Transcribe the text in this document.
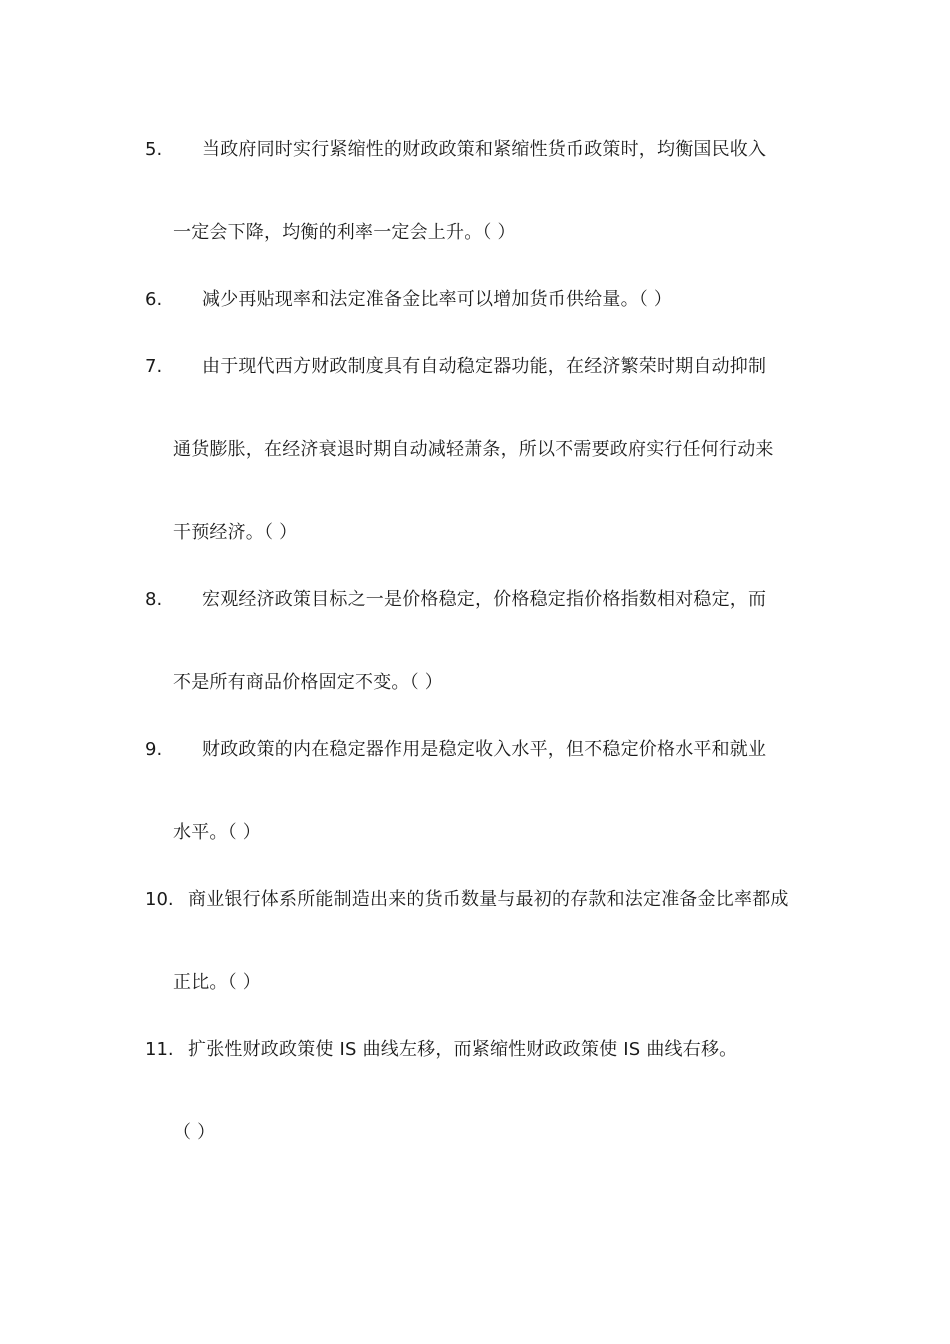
5. 当政府同时实行紧缩性的财政政策和紧缩性货币政策时，均衡国民收入
一定会下降，均衡的利率一定会上升。（ ）
6. 减少再贴现率和法定准备金比率可以增加货币供给量。（ ）
7. 由于现代西方财政制度具有自动稳定器功能，在经济繁荣时期自动抑制
通货膨胀，在经济衰退时期自动减轻萧条，所以不需要政府实行任何行动来
干预经济。（ ）
8. 宏观经济政策目标之一是价格稳定，价格稳定指价格指数相对稳定，而
不是所有商品价格固定不变。（ ）
9. 财政政策的内在稳定器作用是稳定收入水平，但不稳定价格水平和就业
水平。（ ）
10. 商业银行体系所能制造出来的货币数量与最初的存款和法定准备金比率都成
正比。（ ）
11. 扩张性财政政策使 IS 曲线左移，而紧缩性财政政策使 IS 曲线右移。
（ ）
